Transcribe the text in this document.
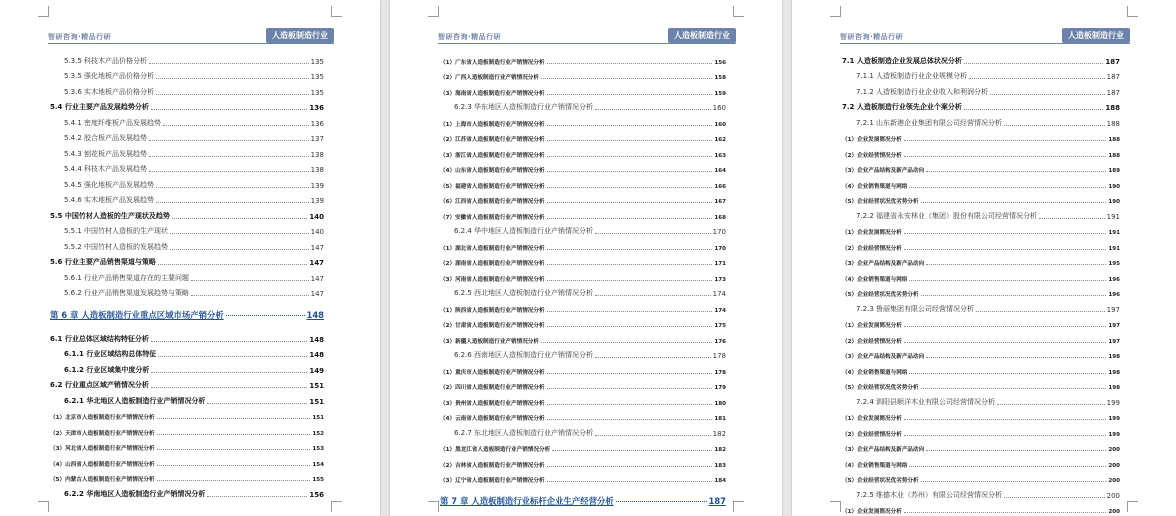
智研咨询·精品行研	人造板制造行业
5.3.5 科技木产品价格分析	135
5.3.5 强化地板产品价格分析	135
5.3.6 实木地板产品价格分析	135
5.4 行业主要产品发展趋势分析	136
5.4.1 密度纤维板产品发展趋势	136
5.4.2 胶合板产品发展趋势	137
5.4.3 刨花板产品发展趋势	138
5.4.4 科技木产品发展趋势	138
5.4.5 强化地板产品发展趋势	139
5.4.6 实木地板产品发展趋势	139
5.5 中国竹材人造板的生产现状及趋势	140
5.5.1 中国竹材人造板的生产现状	140
5.5.2 中国竹材人造板的发展趋势	147
5.6 行业主要产品销售渠道与策略	147
5.6.1 行业产品销售渠道存在的主要问题	147
5.6.2 行业产品销售渠道发展趋势与策略	147
第 6 章 人造板制造行业重点区域市场产销分析	148
6.1 行业总体区域结构特征分析	148
6.1.1 行业区域结构总体特征	148
6.1.2 行业区域集中度分析	149
6.2 行业重点区域产销情况分析	151
6.2.1 华北地区人造板制造行业产销情况分析	151
（1）北京市人造板制造行业产销情况分析	151
（2）天津市人造板制造行业产销情况分析	152
（3）河北省人造板制造行业产销情况分析	153
（4）山西省人造板制造行业产销情况分析	154
（5）内蒙古人造板制造行业产销情况分析	155
6.2.2 华南地区人造板制造行业产销情况分析	156
智研咨询·精品行研	人造板制造行业
（1）广东省人造板制造行业产销情况分析	156
（2）广西人造板制造行业产销情况分析	158
（3）海南省人造板制造行业产销情况分析	159
6.2.3 华东地区人造板制造行业产销情况分析	160
（1）上海市人造板制造行业产销情况分析	160
（2）江苏省人造板制造行业产销情况分析	162
（3）浙江省人造板制造行业产销情况分析	163
（4）山东省人造板制造行业产销情况分析	164
（5）福建省人造板制造行业产销情况分析	166
（6）江西省人造板制造行业产销情况分析	167
（7）安徽省人造板制造行业产销情况分析	168
6.2.4 华中地区人造板制造行业产销情况分析	170
（1）湖北省人造板制造行业产销情况分析	170
（2）湖南省人造板制造行业产销情况分析	171
（3）河南省人造板制造行业产销情况分析	173
6.2.5 西北地区人造板制造行业产销情况分析	174
（1）陕西省人造板制造行业产销情况分析	174
（2）甘肃省人造板制造行业产销情况分析	175
（3）新疆人造板制造行业产销情况分析	176
6.2.6 西南地区人造板制造行业产销情况分析	178
（1）重庆市人造板制造行业产销情况分析	178
（2）四川省人造板制造行业产销情况分析	179
（3）贵州省人造板制造行业产销情况分析	180
（4）云南省人造板制造行业产销情况分析	181
6.2.7 东北地区人造板制造行业产销情况分析	182
（1）黑龙江省人造板制造行业产销情况分析	182
（2）吉林省人造板制造行业产销情况分析	183
（3）辽宁省人造板制造行业产销情况分析	184
第 7 章 人造板制造行业标杆企业生产经营分析	187
智研咨询·精品行研	人造板制造行业
7.1 人造板制造企业发展总体状况分析	187
7.1.1 人造板制造行业企业规模分析	187
7.1.2 人造板制造行业企业收入和利润分析	187
7.2 人造板制造行业领先企业个案分析	188
7.2.1 山东新港企业集团有限公司经营情况分析	188
（1）企业发展简况分析	188
（2）企业经营情况分析	188
（3）企业产品结构及新产品动向	189
（4）企业销售渠道与网络	190
（5）企业经营状况优劣势分析	190
7.2.2 福建省永安林业（集团）股份有限公司经营情况分析	191
（1）企业发展简况分析	191
（2）企业经营情况分析	191
（3）企业产品结构及新产品动向	195
（4）企业销售渠道与网络	196
（5）企业经营状况优劣势分析	196
7.2.3 鲁丽集团有限公司经营情况分析	197
（1）企业发展简况分析	197
（2）企业经营情况分析	197
（3）企业产品结构及新产品动向	198
（4）企业销售渠道与网络	198
（5）企业经营状况优劣势分析	198
7.2.4 泗阳县顺洋木业有限公司经营情况分析	199
（1）企业发展简况分析	199
（2）企业经营情况分析	199
（3）企业产品结构及新产品动向	200
（4）企业销售渠道与网络	200
（5）企业经营状况优劣势分析	200
7.2.5 维德木业（苏州）有限公司经营情况分析	200
（1）企业发展简况分析	200
